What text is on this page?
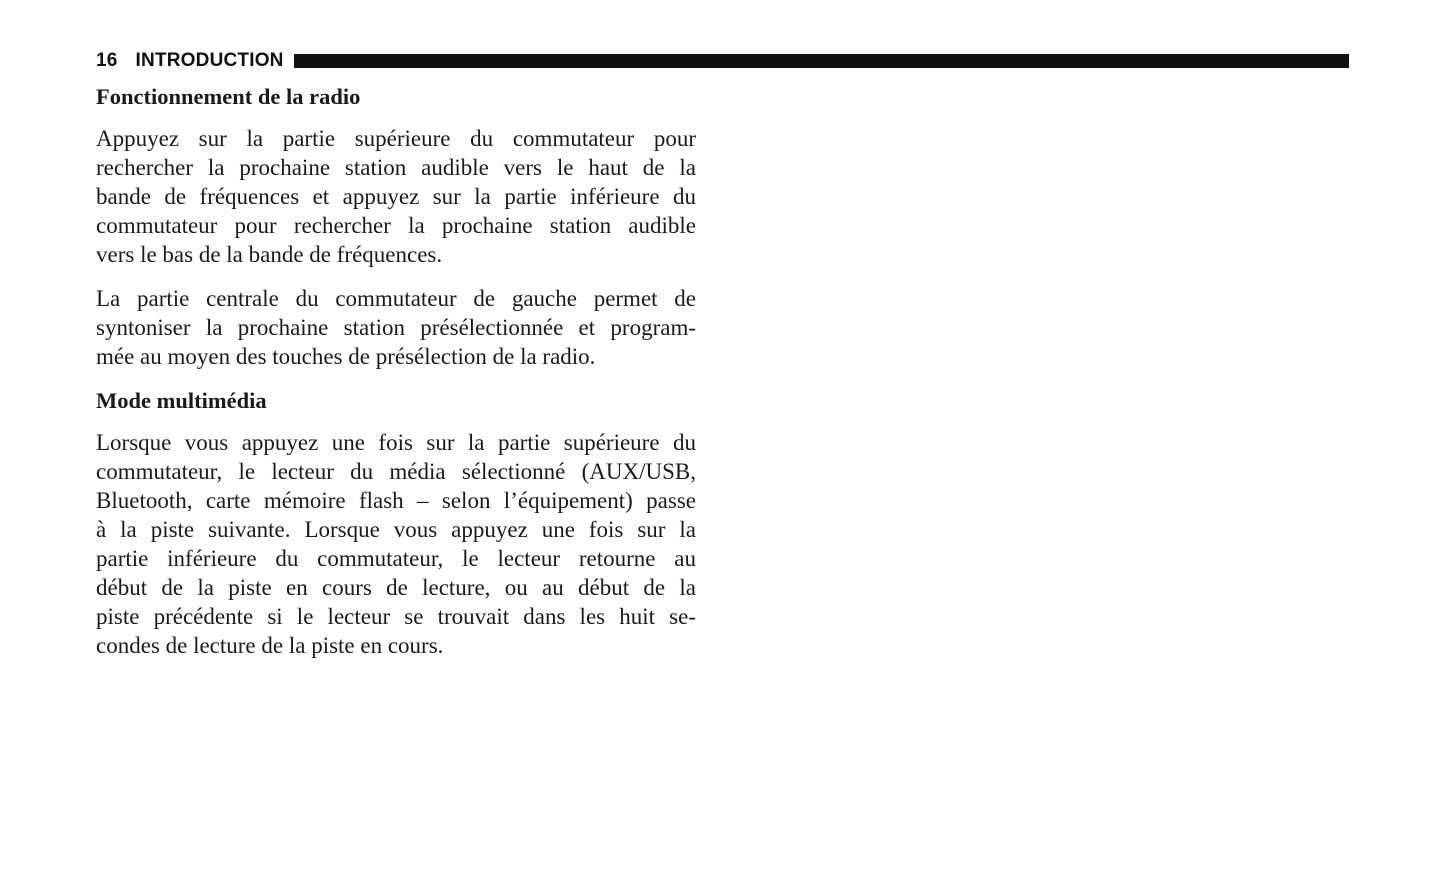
16 INTRODUCTION
Fonctionnement de la radio
Appuyez sur la partie supérieure du commutateur pour
rechercher la prochaine station audible vers le haut de la
bande de fréquences et appuyez sur la partie inférieure du
commutateur pour rechercher la prochaine station audible
vers le bas de la bande de fréquences.
La partie centrale du commutateur de gauche permet de
syntoniser la prochaine station présélectionnée et program-
mée au moyen des touches de présélection de la radio.
Mode multimédia
Lorsque vous appuyez une fois sur la partie supérieure du
commutateur, le lecteur du média sélectionné (AUX/USB,
Bluetooth, carte mémoire flash – selon l’équipement) passe
à la piste suivante. Lorsque vous appuyez une fois sur la
partie inférieure du commutateur, le lecteur retourne au
début de la piste en cours de lecture, ou au début de la
piste précédente si le lecteur se trouvait dans les huit se-
condes de lecture de la piste en cours.
